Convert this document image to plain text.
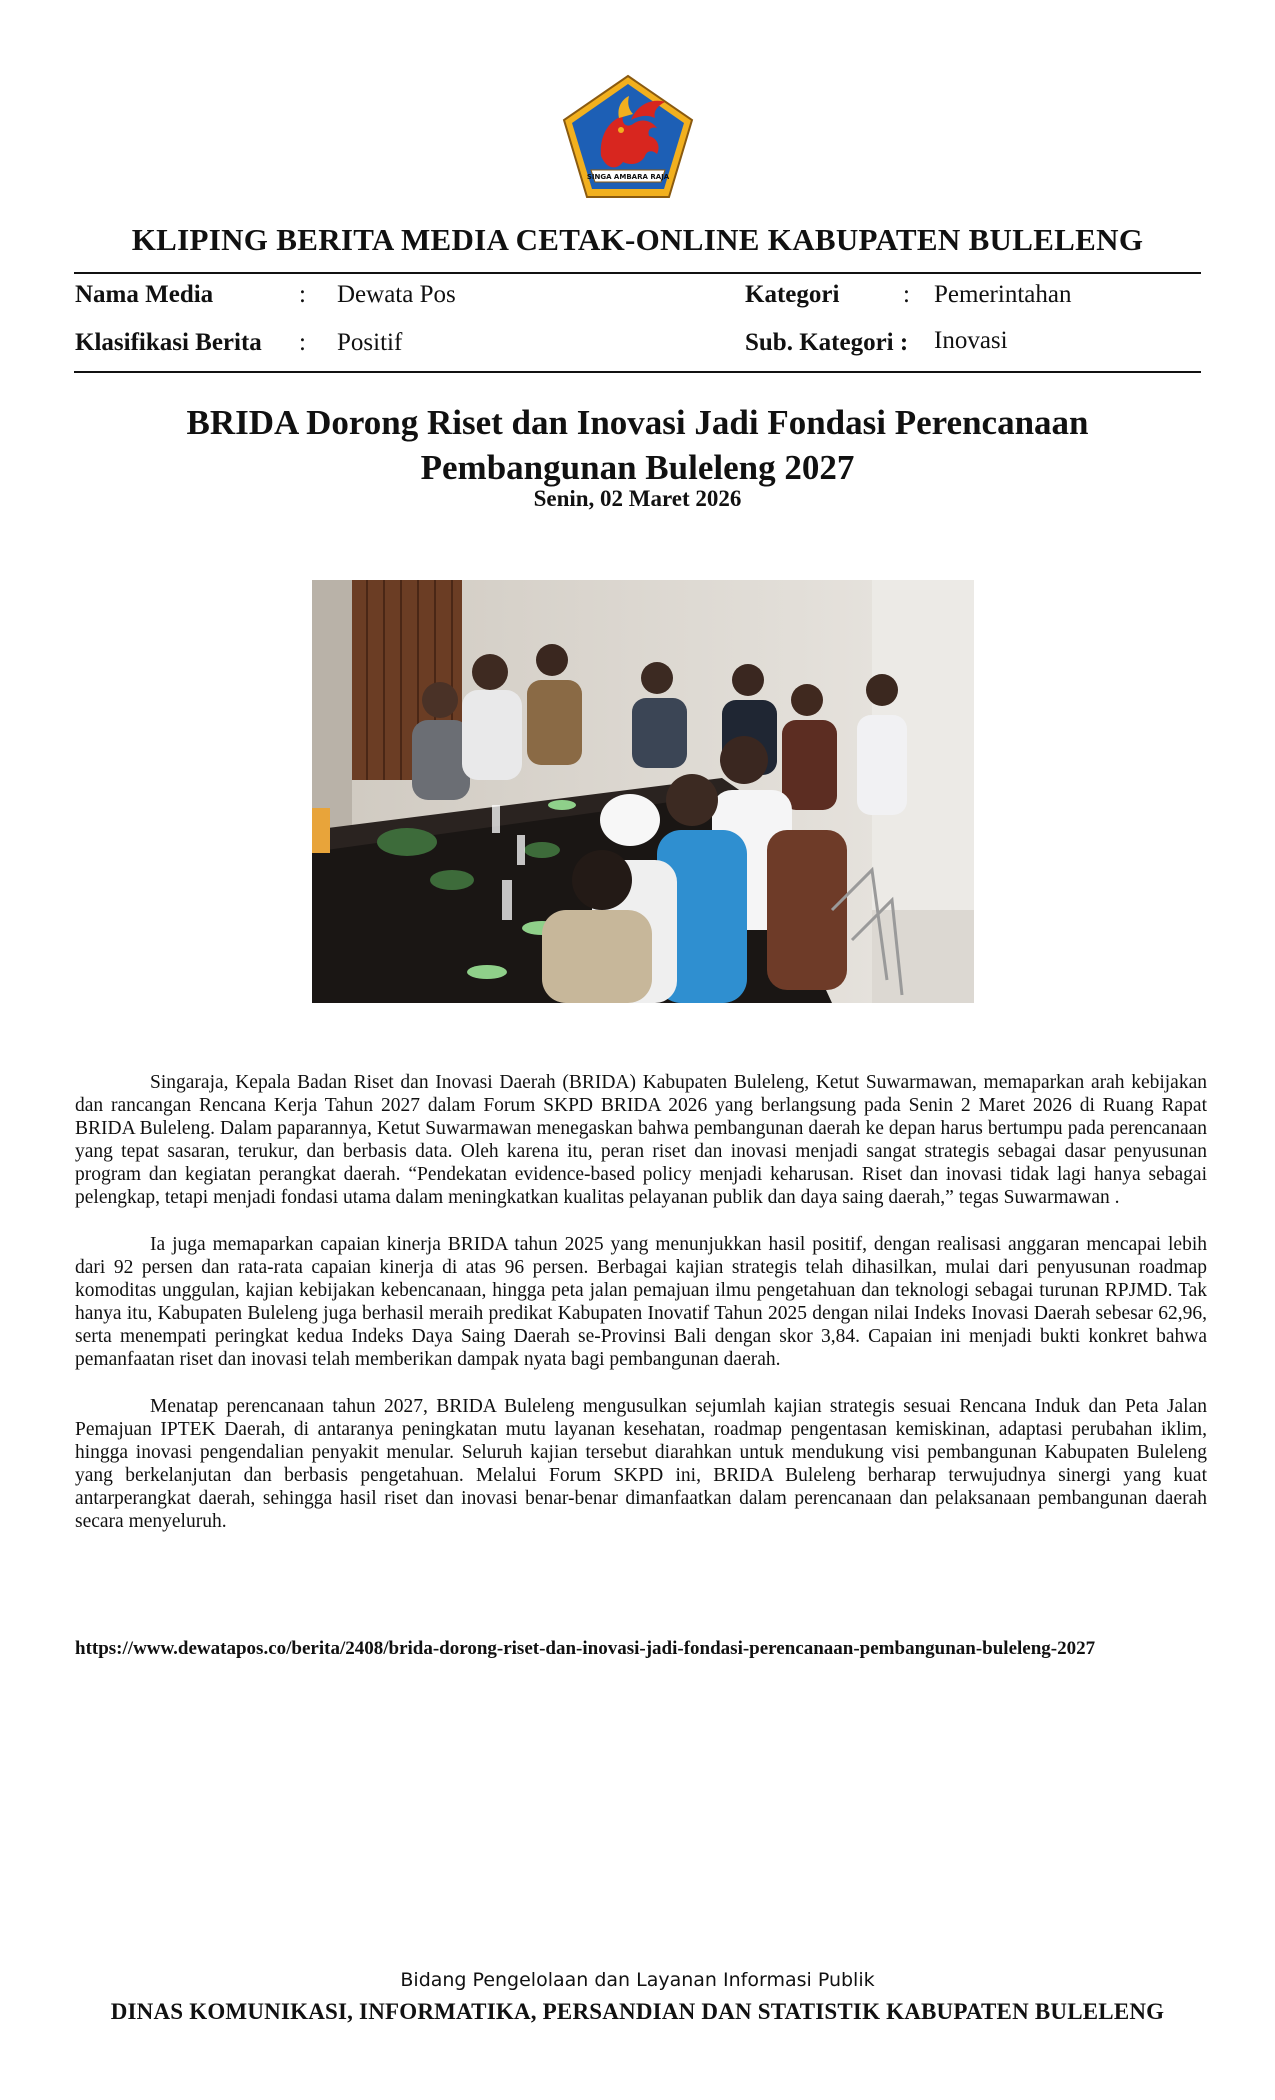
SINGA AMBARA RAJA
KLIPING BERITA MEDIA CETAK-ONLINE KABUPATEN BULELENG
Nama Media	: Dewata Pos	Kategori	: Pemerintahan
Klasifikasi Berita : Positif	Sub. Kategori : Inovasi
BRIDA Dorong Riset dan Inovasi Jadi Fondasi Perencanaan
Pembangunan Buleleng 2027
Senin, 02 Maret 2026

Singaraja, Kepala Badan Riset dan Inovasi Daerah (BRIDA) Kabupaten Buleleng, Ketut Suwarmawan, memaparkan arah kebijakan dan rancangan Rencana Kerja Tahun 2027 dalam Forum SKPD BRIDA 2026 yang berlangsung pada Senin 2 Maret 2026 di Ruang Rapat BRIDA Buleleng. Dalam paparannya, Ketut Suwarmawan menegaskan bahwa pembangunan daerah ke depan harus bertumpu pada perencanaan yang tepat sasaran, terukur, dan berbasis data. Oleh karena itu, peran riset dan inovasi menjadi sangat strategis sebagai dasar penyusunan program dan kegiatan perangkat daerah. “Pendekatan evidence-based policy menjadi keharusan. Riset dan inovasi tidak lagi hanya sebagai pelengkap, tetapi menjadi fondasi utama dalam meningkatkan kualitas pelayanan publik dan daya saing daerah,” tegas Suwarmawan .

Ia juga memaparkan capaian kinerja BRIDA tahun 2025 yang menunjukkan hasil positif, dengan realisasi anggaran mencapai lebih dari 92 persen dan rata-rata capaian kinerja di atas 96 persen. Berbagai kajian strategis telah dihasilkan, mulai dari penyusunan roadmap komoditas unggulan, kajian kebijakan kebencanaan, hingga peta jalan pemajuan ilmu pengetahuan dan teknologi sebagai turunan RPJMD. Tak hanya itu, Kabupaten Buleleng juga berhasil meraih predikat Kabupaten Inovatif Tahun 2025 dengan nilai Indeks Inovasi Daerah sebesar 62,96, serta menempati peringkat kedua Indeks Daya Saing Daerah se-Provinsi Bali dengan skor 3,84. Capaian ini menjadi bukti konkret bahwa pemanfaatan riset dan inovasi telah memberikan dampak nyata bagi pembangunan daerah.

Menatap perencanaan tahun 2027, BRIDA Buleleng mengusulkan sejumlah kajian strategis sesuai Rencana Induk dan Peta Jalan Pemajuan IPTEK Daerah, di antaranya peningkatan mutu layanan kesehatan, roadmap pengentasan kemiskinan, adaptasi perubahan iklim, hingga inovasi pengendalian penyakit menular. Seluruh kajian tersebut diarahkan untuk mendukung visi pembangunan Kabupaten Buleleng yang berkelanjutan dan berbasis pengetahuan. Melalui Forum SKPD ini, BRIDA Buleleng berharap terwujudnya sinergi yang kuat antarperangkat daerah, sehingga hasil riset dan inovasi benar-benar dimanfaatkan dalam perencanaan dan pelaksanaan pembangunan daerah secara menyeluruh.

https://www.dewatapos.co/berita/2408/brida-dorong-riset-dan-inovasi-jadi-fondasi-perencanaan-pembangunan-buleleng-2027
Bidang Pengelolaan dan Layanan Informasi Publik
DINAS KOMUNIKASI, INFORMATIKA, PERSANDIAN DAN STATISTIK KABUPATEN BULELENG
